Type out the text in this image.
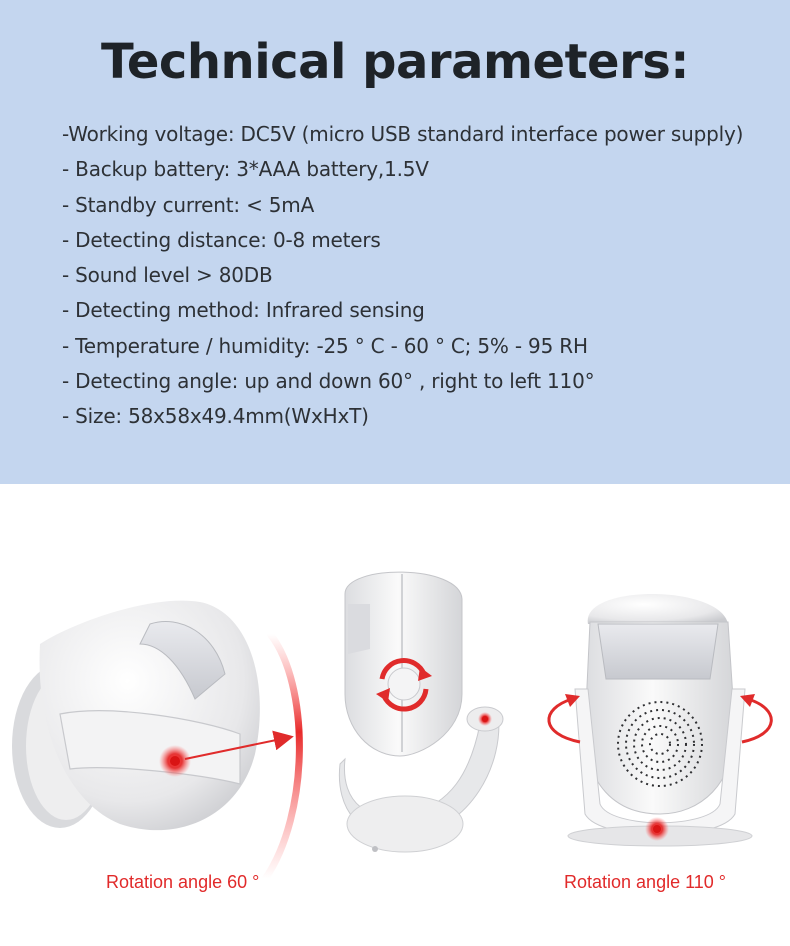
Technical parameters:
-Working voltage: DC5V (micro USB standard interface power supply)
- Backup battery: 3*AAA battery,1.5V
- Standby current: < 5mA
- Detecting distance: 0-8 meters
- Sound level > 80DB
- Detecting method: Infrared sensing
- Temperature / humidity: -25 ° C - 60 ° C; 5% - 95 RH
- Detecting angle: up and down 60° , right to left 110°
- Size: 58x58x49.4mm(WxHxT)
Rotation angle 60 °	Rotation angle 110 °
